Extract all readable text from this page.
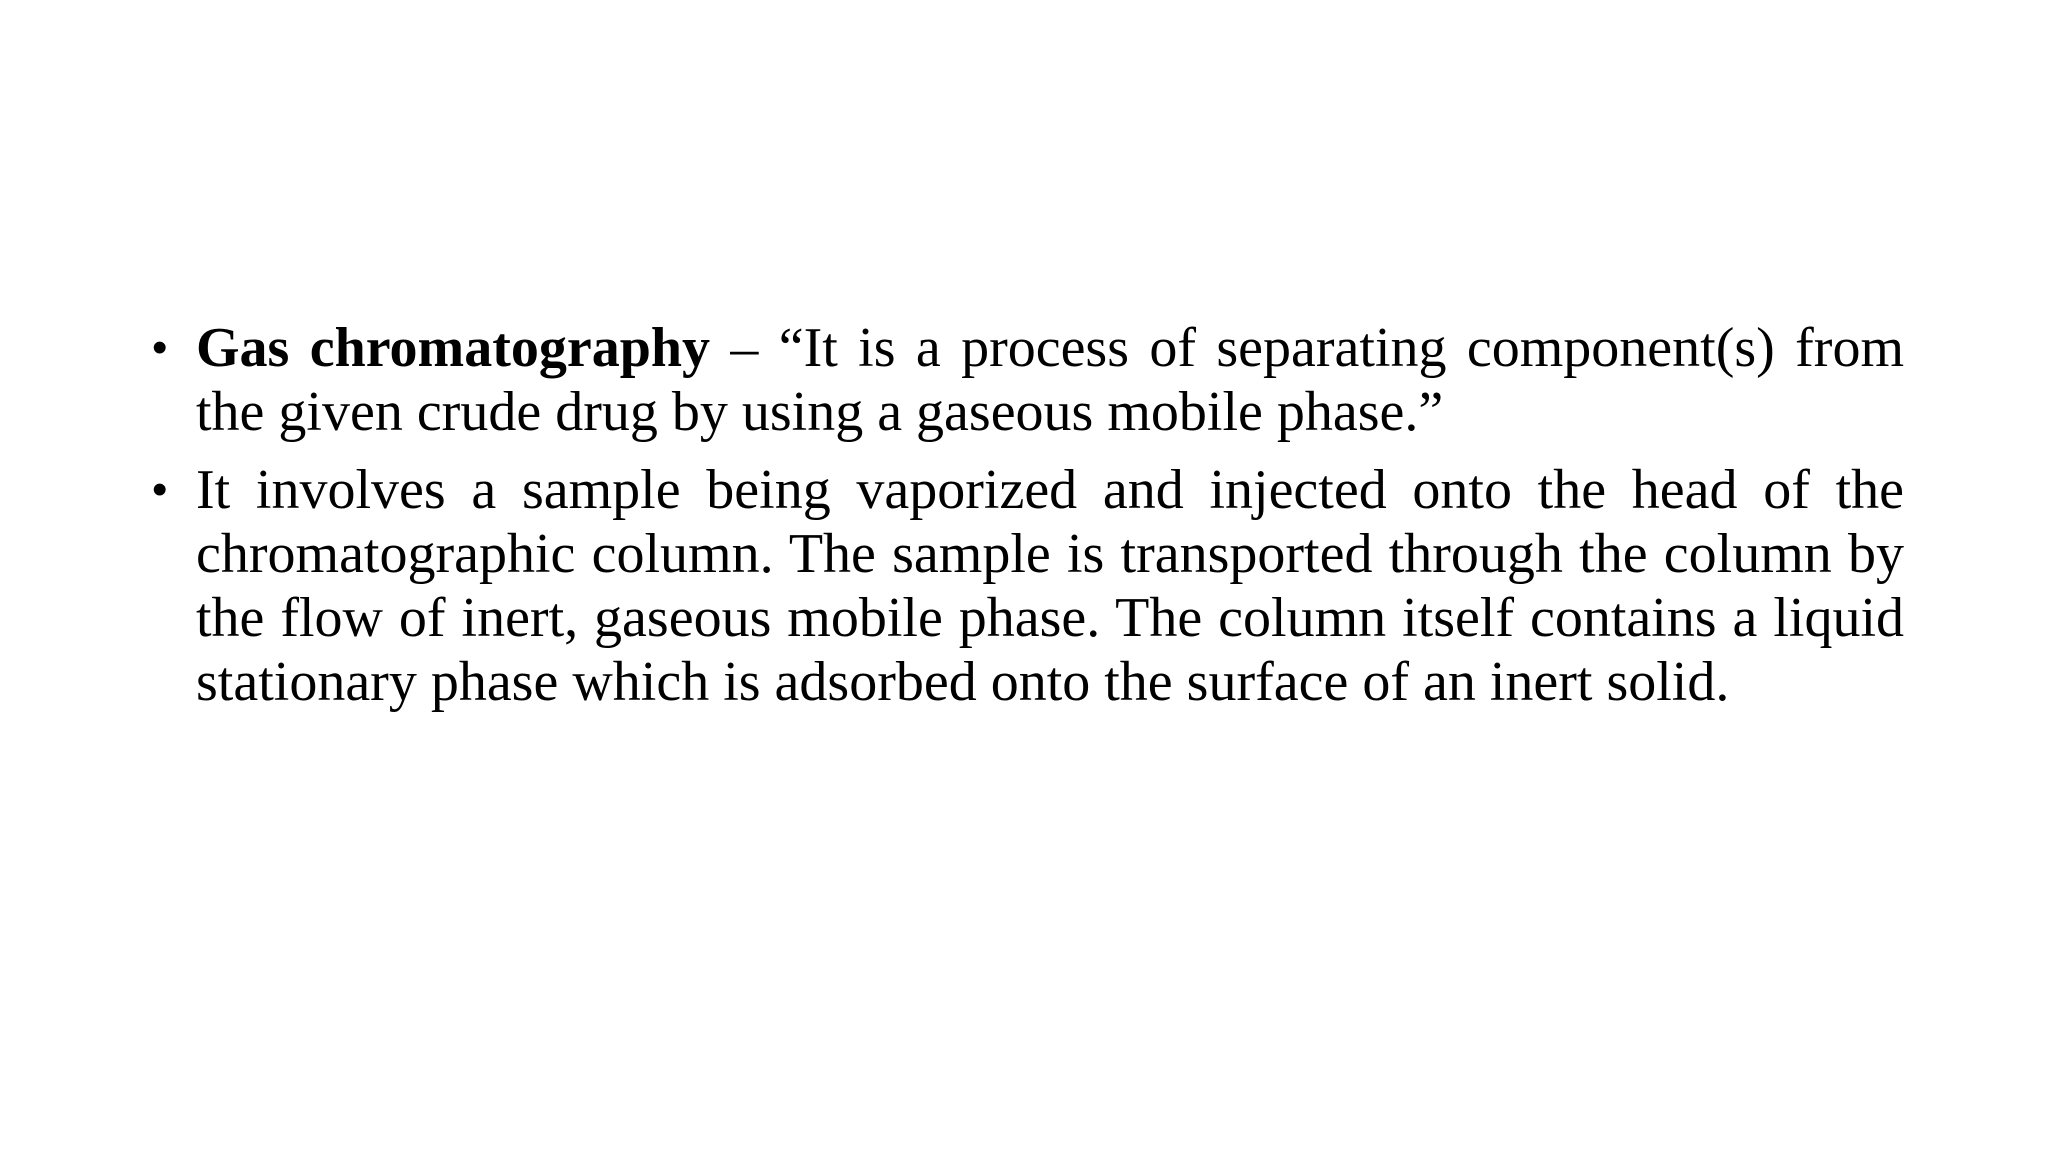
• Gas chromatography – “It is a process of separating component(s) from the given crude drug by using a gaseous mobile phase.”
• It involves a sample being vaporized and injected onto the head of the chromatographic column. The sample is transported through the column by the flow of inert, gaseous mobile phase. The column itself contains a liquid stationary phase which is adsorbed onto the surface of an inert solid.
